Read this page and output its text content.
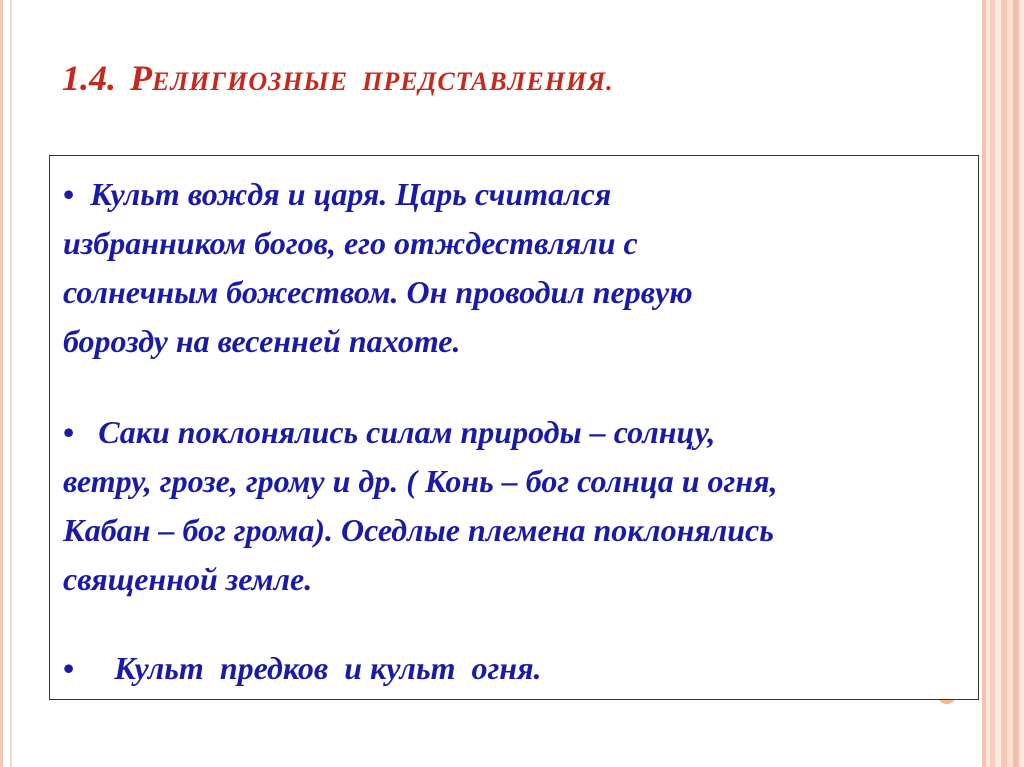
1.4. РЕЛИГИОЗНЫЕ ПРЕДСТАВЛЕНИЯ.
• Культ вождя и царя. Царь считался
избранником богов, его отждествляли с
солнечным божеством. Он проводил первую
борозду на весенней пахоте.
• Саки поклонялись силам природы – солнцу,
ветру, грозе, грому и др. ( Конь – бог солнца и огня,
Кабан – бог грома). Оседлые племена поклонялись
священной земле.
• Культ  предков  и культ  огня.
